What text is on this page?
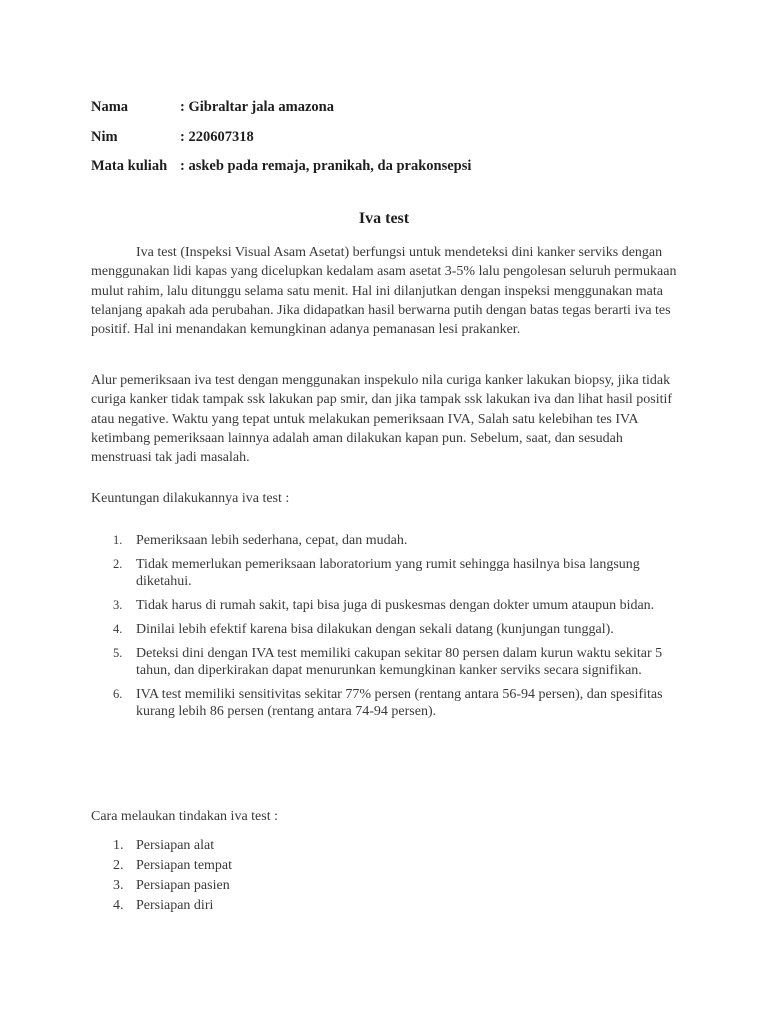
Nama	: Gibraltar jala amazona
Nim	: 220607318
Mata kuliah : askeb pada remaja, pranikah, da prakonsepsi
Iva test

Iva test (Inspeksi Visual Asam Asetat) berfungsi untuk mendeteksi dini kanker serviks dengan menggunakan lidi kapas yang dicelupkan kedalam asam asetat 3-5% lalu pengolesan seluruh permukaan mulut rahim, lalu ditunggu selama satu menit. Hal ini dilanjutkan dengan inspeksi menggunakan mata telanjang apakah ada perubahan. Jika didapatkan hasil berwarna putih dengan batas tegas berarti iva tes positif. Hal ini menandakan kemungkinan adanya pemanasan lesi prakanker.

Alur pemeriksaan iva test dengan menggunakan inspekulo nila curiga kanker lakukan biopsy, jika tidak curiga kanker tidak tampak ssk lakukan pap smir, dan jika tampak ssk lakukan iva dan lihat hasil positif atau negative. Waktu yang tepat untuk melakukan pemeriksaan IVA, Salah satu kelebihan tes IVA ketimbang pemeriksaan lainnya adalah aman dilakukan kapan pun. Sebelum, saat, dan sesudah menstruasi tak jadi masalah.

Keuntungan dilakukannya iva test :

1. Pemeriksaan lebih sederhana, cepat, dan mudah.
2. Tidak memerlukan pemeriksaan laboratorium yang rumit sehingga hasilnya bisa langsung diketahui.
3. Tidak harus di rumah sakit, tapi bisa juga di puskesmas dengan dokter umum ataupun bidan.
4. Dinilai lebih efektif karena bisa dilakukan dengan sekali datang (kunjungan tunggal).
5. Deteksi dini dengan IVA test memiliki cakupan sekitar 80 persen dalam kurun waktu sekitar 5 tahun, dan diperkirakan dapat menurunkan kemungkinan kanker serviks secara signifikan.
6. IVA test memiliki sensitivitas sekitar 77% persen (rentang antara 56-94 persen), dan spesifitas kurang lebih 86 persen (rentang antara 74-94 persen).

Cara melaukan tindakan iva test :

1. Persiapan alat
2. Persiapan tempat
3. Persiapan pasien
4. Persiapan diri
